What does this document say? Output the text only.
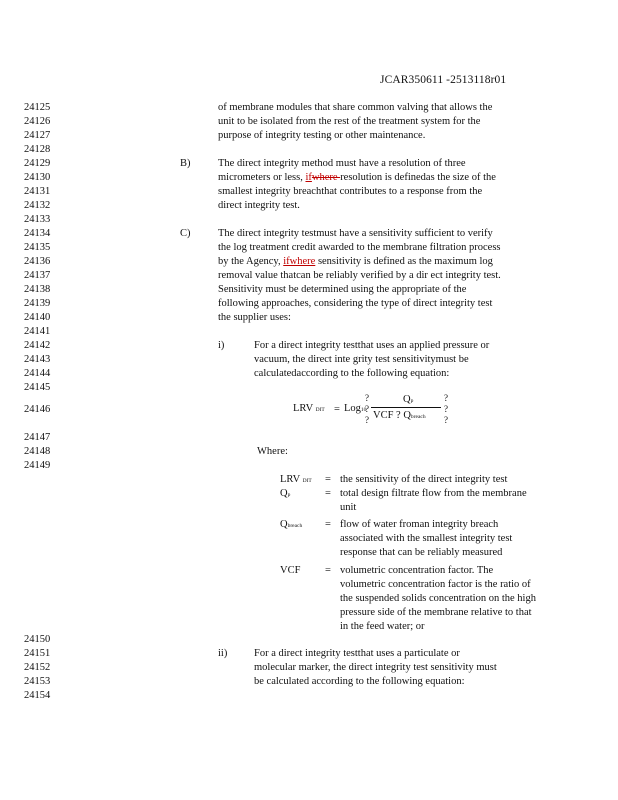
JCAR350611 -2513118r01
24125
24126
24127
24128
24129
24130
24131
24132
24133
24134
24135
24136
24137
24138
24139
24140
24141
24142
24143
24144
24145
24146
24147
24148
24149
24150
24151
24152
24153
24154
of membrane modules that share common valving that allows the
unit to be isolated from the rest of the treatment system for the
purpose of integrity testing or other maintenance.
B)	The direct integrity method must have a resolution of three
micrometers or less, ifwhere resolution is definedas the size of the
smallest integrity breachthat contributes to a response from the
direct integrity test.
C)	The direct integrity testmust have a sensitivity sufficient to verify
the log treatment credit awarded to the membrane filtration process
by the Agency, ifwhere sensitivity is defined as the maximum log
removal value thatcan be reliably verified by a dir ect integrity test.
Sensitivity must be determined using the appropriate of the
following approaches, considering the type of direct integrity test
the supplier uses:
i)	For a direct integrity testthat uses an applied pressure or
vacuum, the direct inte grity test sensitivitymust be
calculatedaccording to the following equation:
LRV DIT = Log10
?
?
?
Qp
VCF ? Qbreach
?
?
?
Where:
LRV DIT = the sensitivity of the direct integrity test
Qp	= total design filtrate flow from the membrane
unit
Qbreach = flow of water froman integrity breach
associated with the smallest integrity test
response that can be reliably measured
VCF = volumetric concentration factor. The
volumetric concentration factor is the ratio of
the suspended solids concentration on the high
pressure side of the membrane relative to that
in the feed water; or
ii)	For a direct integrity testthat uses a particulate or
molecular marker, the direct integrity test sensitivity must
be calculated according to the following equation:
